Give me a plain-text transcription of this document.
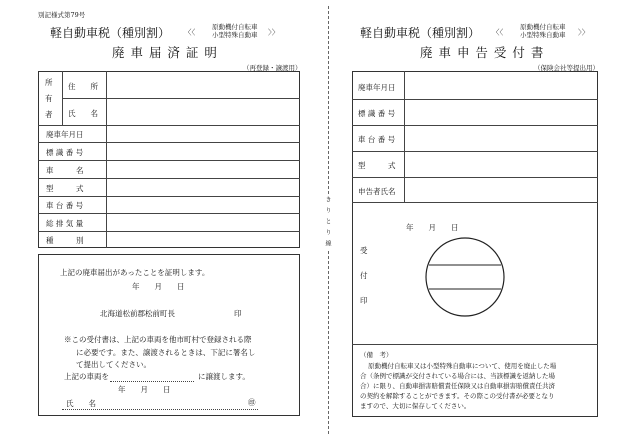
別記様式第79号
軽自動車税（種別割） 〈〈
原動機付自転車
小型特殊自動車 〉〉
廃 車 届 済 証 明
（再登録・譲渡用）
所
有
者
住　　所
氏　　名
廃車年月日
標 識 番 号
車　　　名
型　　　式
車 台 番 号
総 排 気 量
種　　　別
上記の廃車届出があったことを証明します。
年　　月　　日
北海道松前郡松前町長	印
※この受付書は、上記の車両を他市町村で登録される際
に必要です。また、譲渡されるときは、下記に署名し
て提出してください。
上記の車両を	に譲渡します。
年　　月　　日
氏　　名	㊞
きりとり線
軽自動車税（種別割） 〈〈
原動機付自転車
小型特殊自動車 〉〉
廃 車 申 告 受 付 書
（保険会社等提出用）
廃車年月日
標 識 番 号
車 台 番 号
型　　　式
申告者氏名
年　　月　　日
受
付
印
（備　考）
原動機付自転車又は小型特殊自動車について、使用を廃止した場
合（条例で標識が交付されている場合には、当該標識を返納した場
合）に限り、自動車損害賠償責任保険又は自動車損害賠償責任共済
の契約を解除することができます。その際この受付書が必要となり
ますので、大切に保存してください。
